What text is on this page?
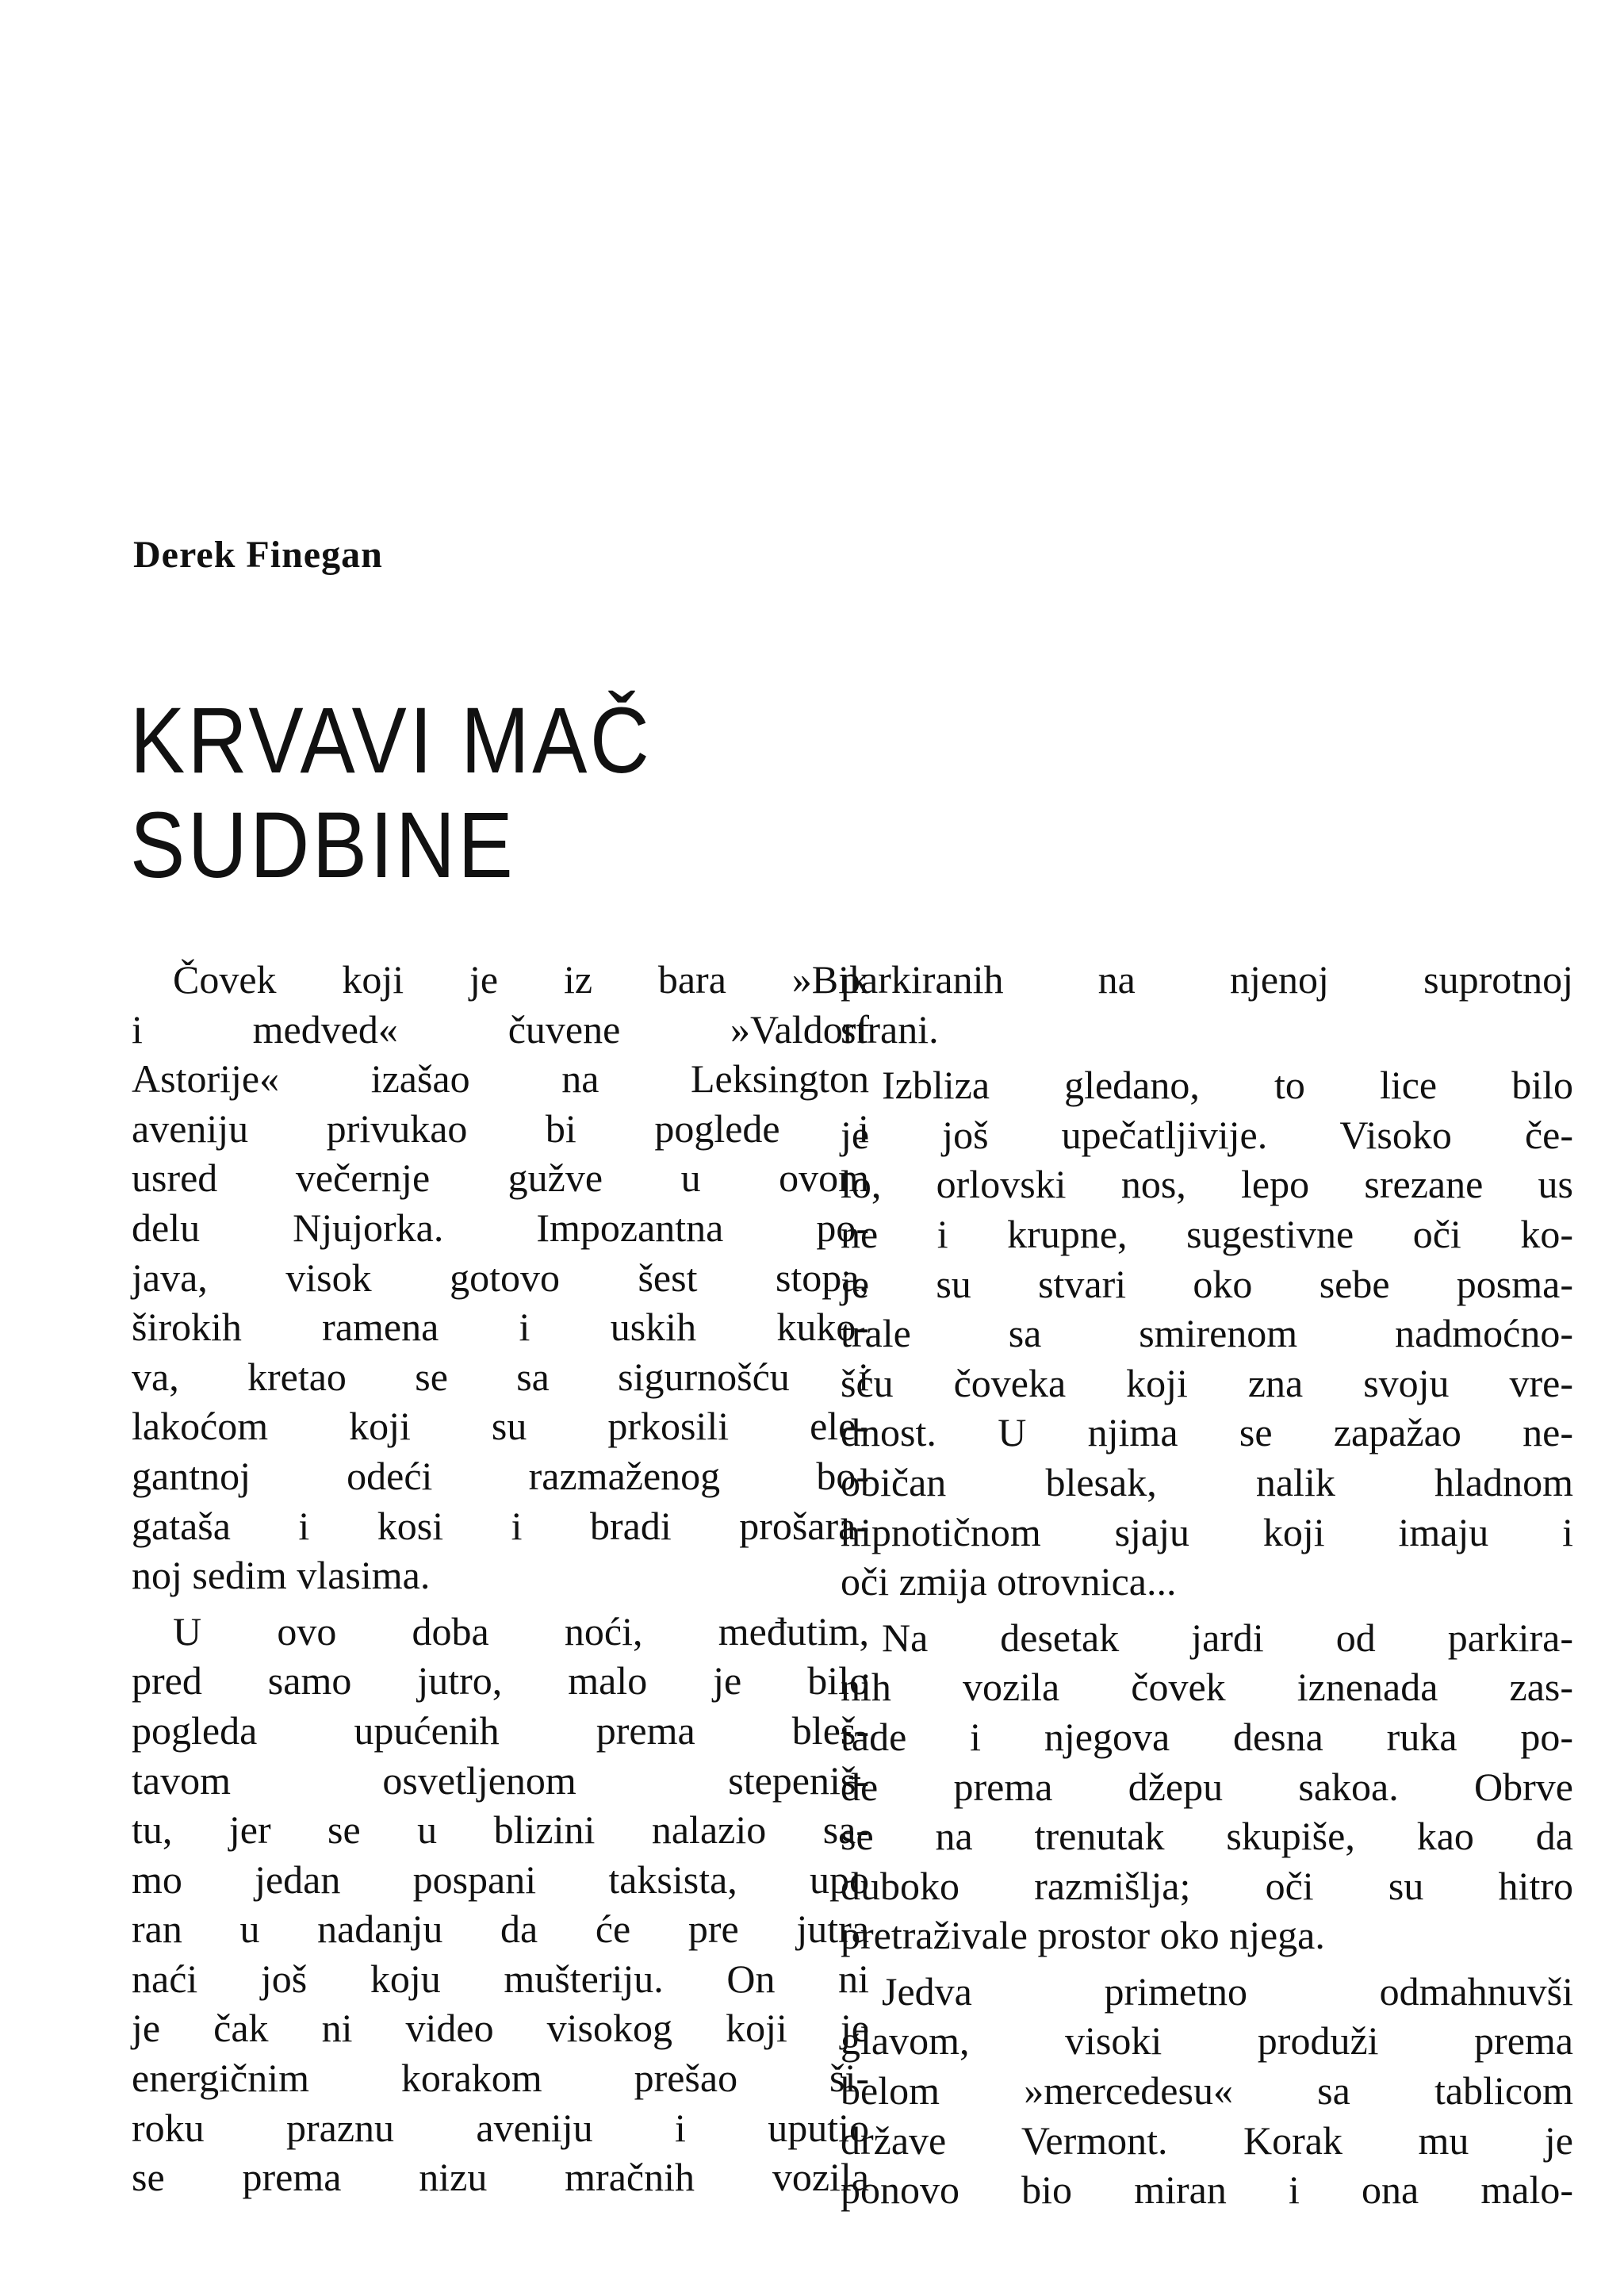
Derek Finegan
KRVAVI MAČ
SUDBINE
Čovek koji je iz bara »Bik
i medved« čuvene »Valdorf
Astorije« izašao na Leksington
aveniju privukao bi poglede i
usred večernje gužve u ovom
delu Njujorka. Impozantna po-
java, visok gotovo šest stopa,
širokih ramena i uskih kuko-
va, kretao se sa sigurnošću i
lakoćom koji su prkosili ele-
gantnoj odeći razmaženog bo-
gataša i kosi i bradi prošara-
noj sedim vlasima.
U ovo doba noći, međutim,
pred samo jutro, malo je bilo
pogleda upućenih prema bleš-
tavom osvetljenom stepeniš-
tu, jer se u blizini nalazio sa-
mo jedan pospani taksista, upo
ran u nadanju da će pre jutra
naći još koju mušteriju. On ni
je čak ni video visokog koji je
energičnim korakom prešao ši-
roku praznu aveniju i uputio
se prema nizu mračnih vozila
parkiranih na njenoj suprotnoj
strani.
Izbliza gledano, to lice bilo
je još upečatljivije. Visoko če-
lo, orlovski nos, lepo srezane us
ne i krupne, sugestivne oči ko-
je su stvari oko sebe posma-
trale sa smirenom nadmoćno-
šću čoveka koji zna svoju vre-
dnost. U njima se zapažao ne-
običan blesak, nalik hladnom
hipnotičnom sjaju koji imaju i
oči zmija otrovnica...
Na desetak jardi od parkira-
nih vozila čovek iznenada zas-
tade i njegova desna ruka po-
đe prema džepu sakoa. Obrve
se na trenutak skupiše, kao da
duboko razmišlja; oči su hitro
pretraživale prostor oko njega.
Jedva primetno odmahnuvši
glavom, visoki produži prema
belom »mercedesu« sa tablicom
države Vermont. Korak mu je
ponovo bio miran i ona malo-
